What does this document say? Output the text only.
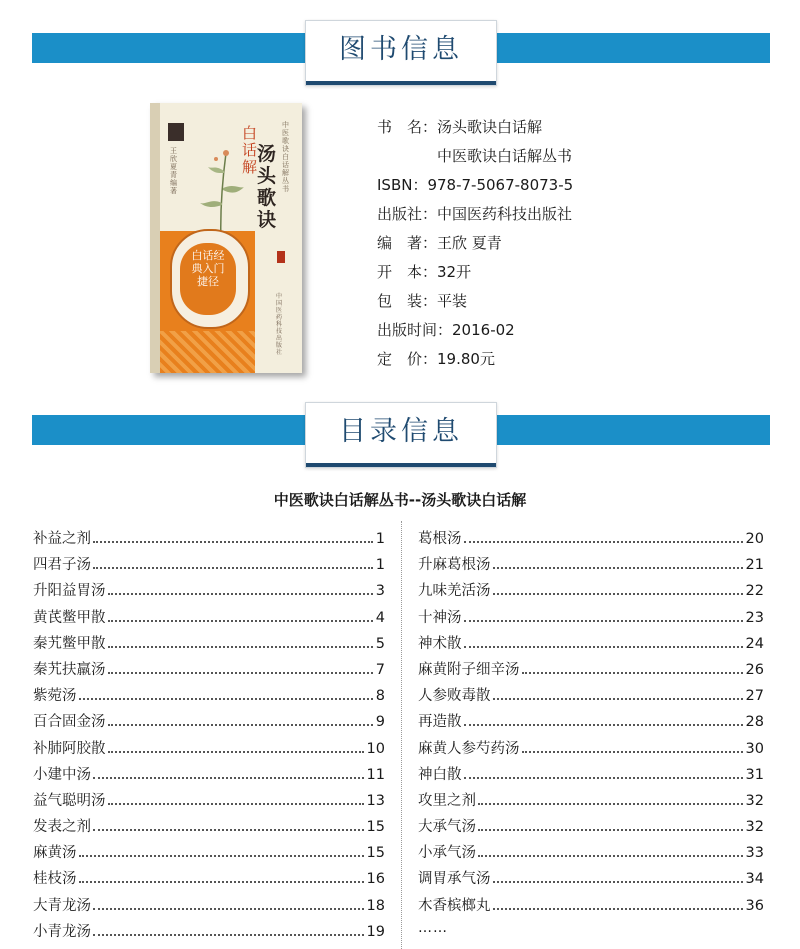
图书信息
王欣夏青编著
中医歌诀白话解丛书
白话解
汤头歌诀
白话经典入门捷径
中国医药科技出版社
书　名：汤头歌诀白话解
中医歌诀白话解丛书
ISBN：978-7-5067-8073-5
出版社：中国医药科技出版社
编　著：王欣 夏青
开　本：32开
包　装：平装
出版时间：2016-02
定　价：19.80元
目录信息
中医歌诀白话解丛书--汤头歌诀白话解
补益之剂	1
四君子汤	1
升阳益胃汤	3
黄芪鳖甲散	4
秦艽鳖甲散	5
秦艽扶羸汤	7
紫菀汤	8
百合固金汤	9
补肺阿胶散	10
小建中汤	11
益气聪明汤	13
发表之剂	15
麻黄汤	15
桂枝汤	16
大青龙汤	18
小青龙汤	19
葛根汤	20
升麻葛根汤	21
九味羌活汤	22
十神汤	23
神术散	24
麻黄附子细辛汤	26
人参败毒散	27
再造散	28
麻黄人参芍药汤	30
神白散	31
攻里之剂	32
大承气汤	32
小承气汤	33
调胃承气汤	34
木香槟榔丸	36
……
